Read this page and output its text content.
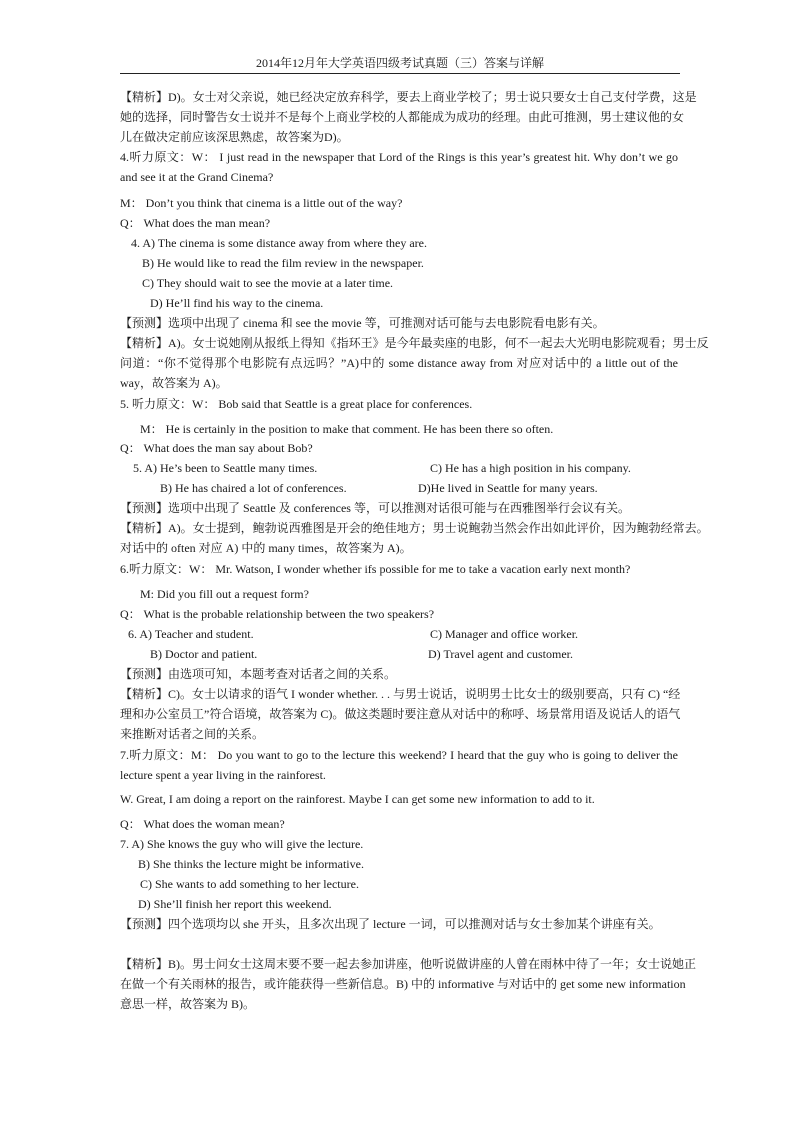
2014年12月年大学英语四级考试真题（三）答案与详解
【精析】D)。女士对父亲说，她已经决定放弃科学，要去上商业学校了；男士说只要女士自己支付学费，这是
她的选择，同时警告女士说并不是每个上商业学校的人都能成为成功的经理。由此可推测，男士建议他的女
儿在做决定前应该深思熟虑，故答案为D)。
4.听力原文：W： I just read in the newspaper that Lord of the Rings is this year’s greatest hit. Why don’t we go
and see it at the Grand Cinema?
M： Don’t you think that cinema is a little out of the way?
Q： What does the man mean?
4. A) The cinema is some distance away from where they are.
B) He would like to read the film review in the newspaper.
C) They should wait to see the movie at a later time.
D) He’ll find his way to the cinema.
【预测】选项中出现了 cinema 和 see the movie 等，可推测对话可能与去电影院看电影有关。
【精析】A)。女士说她刚从报纸上得知《指环王》是今年最卖座的电影，何不一起去大光明电影院观看；男士反
问道：“你不觉得那个电影院有点远吗？”A)中的 some distance away from 对应对话中的 a little out of the
way，故答案为 A)。
5. 听力原文：W： Bob said that Seattle is a great place for conferences.
M： He is certainly in the position to make that comment. He has been there so often.
Q： What does the man say about Bob?
5. A) He’s been to Seattle many times.	C) He has a high position in his company.
B) He has chaired a lot of conferences.	D)He lived in Seattle for many years.
【预测】选项中出现了 Seattle 及 conferences 等，可以推测对话很可能与在西雅图举行会议有关。
【精析】A)。女士提到，鲍勃说西雅图是开会的绝佳地方；男士说鲍勃当然会作出如此评价，因为鲍勃经常去。
对话中的 often 对应 A) 中的 many times，故答案为 A)。
6.听力原文：W： Mr. Watson, I wonder whether ifs possible for me to take a vacation early next month?
M: Did you fill out a request form?
Q： What is the probable relationship between the two speakers?
6. A) Teacher and student.	C) Manager and office worker.
B) Doctor and patient.	D) Travel agent and customer.
【预测】由选项可知，本题考查对话者之间的关系。
【精析】C)。女士以请求的语气 I wonder whether. . . 与男士说话，说明男士比女士的级别要高，只有 C) “经
理和办公室员工”符合语境，故答案为 C)。做这类题时要注意从对话中的称呼、场景常用语及说话人的语气
来推断对话者之间的关系。
7.听力原文：M： Do you want to go to the lecture this weekend? I heard that the guy who is going to deliver the
lecture spent a year living in the rainforest.
W. Great, I am doing a report on the rainforest. Maybe I can get some new information to add to it.
Q： What does the woman mean?
7. A) She knows the guy who will give the lecture.
B) She thinks the lecture might be informative.
C) She wants to add something to her lecture.
D) She’ll finish her report this weekend.
【预测】四个选项均以 she 开头，且多次出现了 lecture 一词，可以推测对话与女士参加某个讲座有关。
【精析】B)。男士问女士这周末要不要一起去参加讲座，他听说做讲座的人曾在雨林中待了一年；女士说她正
在做一个有关雨林的报告，或许能获得一些新信息。B) 中的 informative 与对话中的 get some new information
意思一样，故答案为 B)。
